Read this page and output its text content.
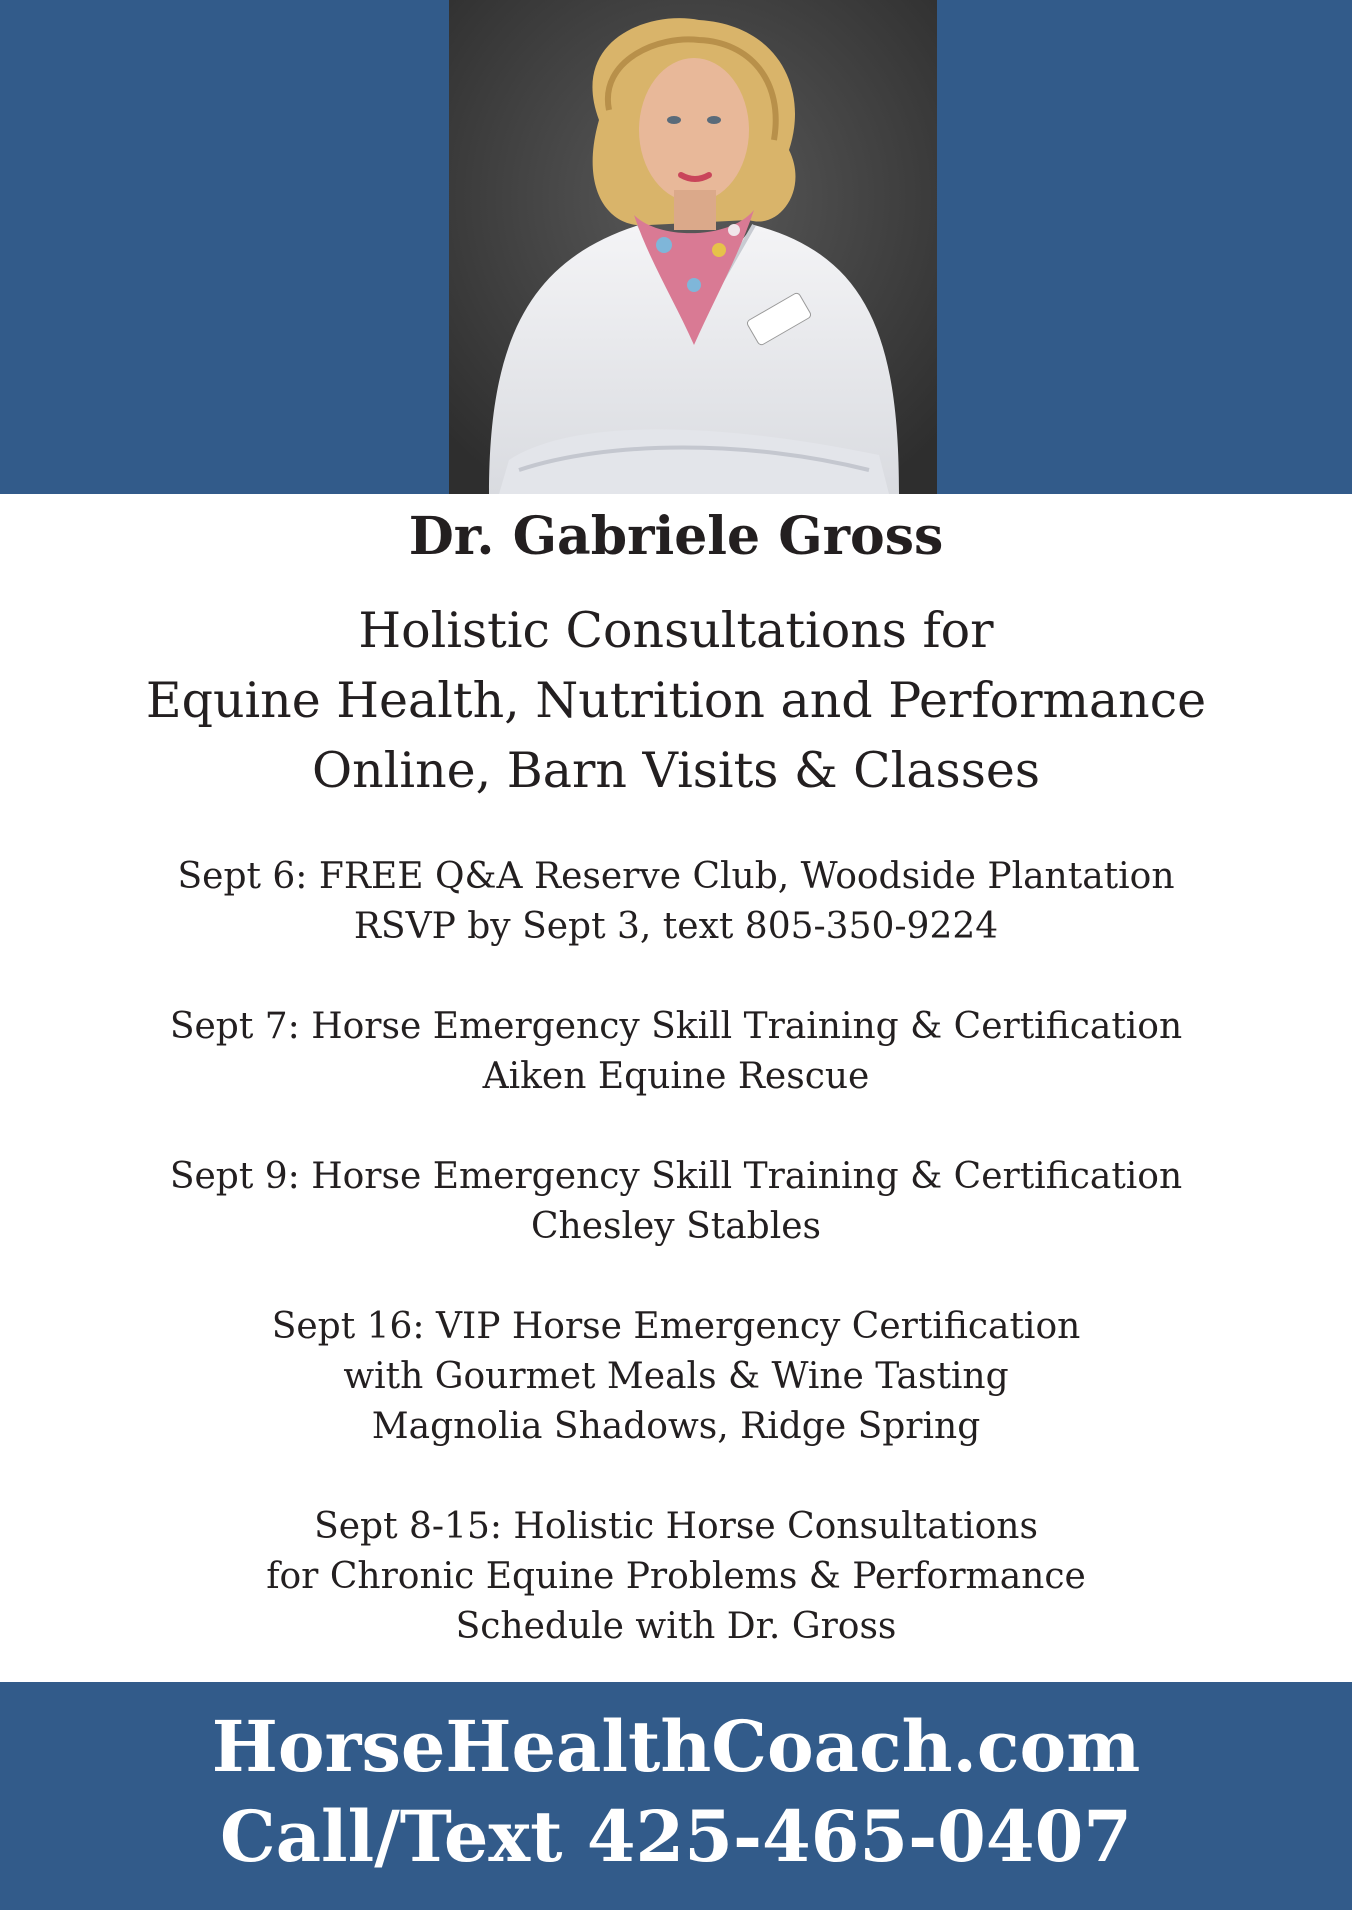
Dr. Gabriele Gross
Holistic Consultations for
Equine Health, Nutrition and Performance
Online, Barn Visits & Classes
Sept 6: FREE Q&A Reserve Club, Woodside Plantation
RSVP by Sept 3, text 805-350-9224
Sept 7: Horse Emergency Skill Training & Certification
Aiken Equine Rescue
Sept 9: Horse Emergency Skill Training & Certification
Chesley Stables
Sept 16: VIP Horse Emergency Certification
with Gourmet Meals & Wine Tasting
Magnolia Shadows, Ridge Spring
Sept 8-15: Holistic Horse Consultations
for Chronic Equine Problems & Performance
Schedule with Dr. Gross
HorseHealthCoach.com
Call/Text 425-465-0407
